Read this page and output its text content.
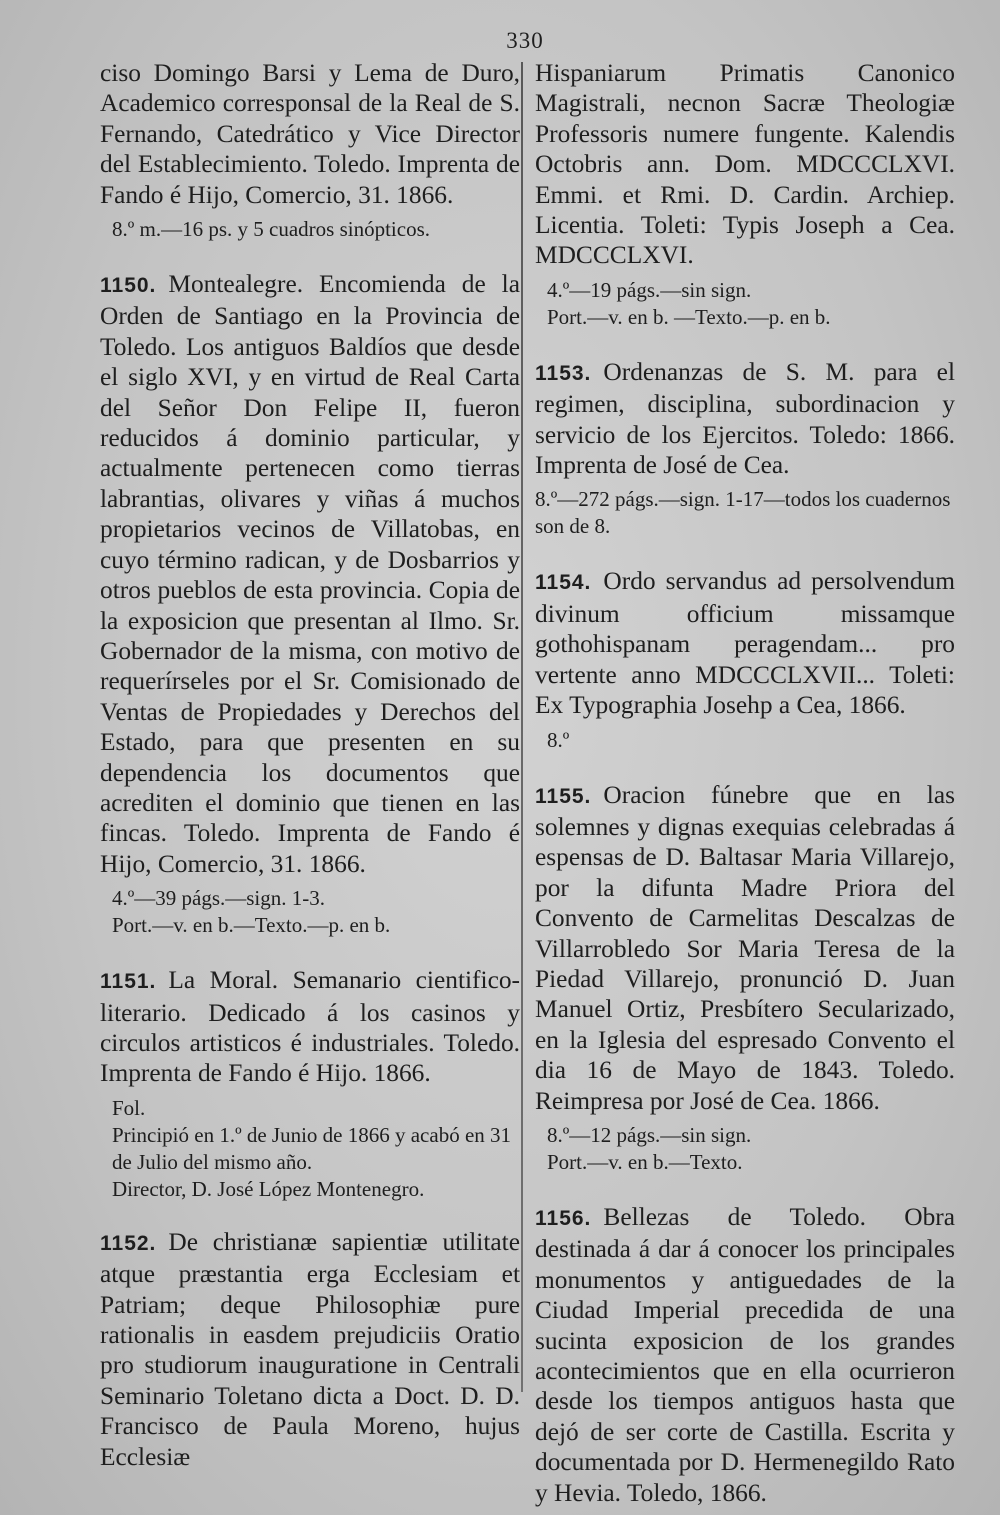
330
ciso Domingo Barsi y Lema de Duro, Academico corresponsal de la Real de S. Fernando, Catedrático y Vice Director del Establecimiento. Toledo. Imprenta de Fando é Hijo, Comercio, 31. 1866.
8.º m.—16 ps. y 5 cuadros sinópticos.
1150. Montealegre. Encomienda de la Orden de Santiago en la Provincia de Toledo. Los antiguos Baldíos que desde el siglo XVI, y en virtud de Real Carta del Señor Don Felipe II, fueron reducidos á dominio particular, y actualmente pertenecen como tierras labrantias, olivares y viñas á muchos propietarios vecinos de Villatobas, en cuyo término radican, y de Dosbarrios y otros pueblos de esta provincia. Copia de la exposicion que presentan al Ilmo. Sr. Gobernador de la misma, con motivo de requerírseles por el Sr. Comisionado de Ventas de Propiedades y Derechos del Estado, para que presenten en su dependencia los documentos que acrediten el dominio que tienen en las fincas. Toledo. Imprenta de Fando é Hijo, Comercio, 31. 1866.
4.º—39 págs.—sign. 1-3.
Port.—v. en b.—Texto.—p. en b.
1151. La Moral. Semanario cientifico-literario. Dedicado á los casinos y circulos artisticos é industriales. Toledo. Imprenta de Fando é Hijo. 1866.
Fol.
Principió en 1.º de Junio de 1866 y acabó en 31 de Julio del mismo año.
Director, D. José López Montenegro.
1152. De christianæ sapientiæ utilitate atque præstantia erga Ecclesiam et Patriam; deque Philosophiæ pure rationalis in easdem prejudiciis Oratio pro studiorum inauguratione in Centrali Seminario Toletano dicta a Doct. D. D. Francisco de Paula Moreno, hujus Ecclesiæ
Hispaniarum Primatis Canonico Magistrali, necnon Sacræ Theologiæ Professoris numere fungente. Kalendis Octobris ann. Dom. MDCCCLXVI. Emmi. et Rmi. D. Cardin. Archiep. Licentia. Toleti: Typis Joseph a Cea. MDCCCLXVI.
4.º—19 págs.—sin sign.
Port.—v. en b. —Texto.—p. en b.
1153. Ordenanzas de S. M. para el regimen, disciplina, subordinacion y servicio de los Ejercitos. Toledo: 1866. Imprenta de José de Cea.
8.º—272 págs.—sign. 1-17—todos los cuadernos son de 8.
1154. Ordo servandus ad persolvendum divinum officium missamque gothohispanam peragendam... pro vertente anno MDCCCLXVII... Toleti: Ex Typographia Josehp a Cea, 1866.
8.º
1155. Oracion fúnebre que en las solemnes y dignas exequias celebradas á espensas de D. Baltasar Maria Villarejo, por la difunta Madre Priora del Convento de Carmelitas Descalzas de Villarrobledo Sor Maria Teresa de la Piedad Villarejo, pronunció D. Juan Manuel Ortiz, Presbítero Secularizado, en la Iglesia del espresado Convento el dia 16 de Mayo de 1843. Toledo. Reimpresa por José de Cea. 1866.
8.º—12 págs.—sin sign.
Port.—v. en b.—Texto.
1156. Bellezas de Toledo. Obra destinada á dar á conocer los principales monumentos y antiguedades de la Ciudad Imperial precedida de una sucinta exposicion de los grandes acontecimientos que en ella ocurrieron desde los tiempos antiguos hasta que dejó de ser corte de Castilla. Escrita y documentada por D. Hermenegildo Rato y Hevia. Toledo, 1866.
